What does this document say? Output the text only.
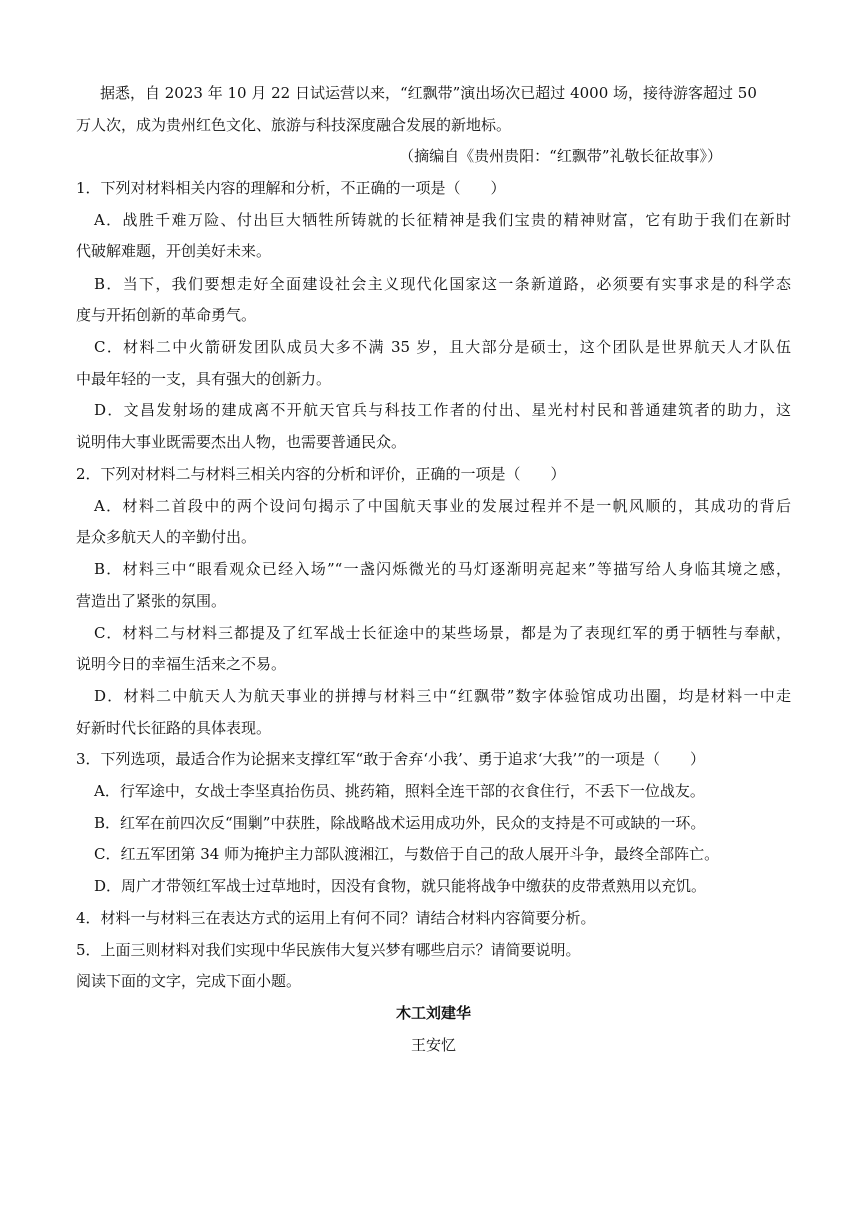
据悉，自 2023 年 10 月 22 日试运营以来，“红飘带”演出场次已超过 4000 场，接待游客超过 50
万人次，成为贵州红色文化、旅游与科技深度融合发展的新地标。
（摘编自《贵州贵阳：“红飘带”礼敬长征故事》）
1．下列对材料相关内容的理解和分析，不正确的一项是（　　）
A．战胜千难万险、付出巨大牺牲所铸就的长征精神是我们宝贵的精神财富，它有助于我们在新时
代破解难题，开创美好未来。
B．当下，我们要想走好全面建设社会主义现代化国家这一条新道路，必须要有实事求是的科学态
度与开拓创新的革命勇气。
C．材料二中火箭研发团队成员大多不满 35 岁，且大部分是硕士，这个团队是世界航天人才队伍
中最年轻的一支，具有强大的创新力。
D．文昌发射场的建成离不开航天官兵与科技工作者的付出、星光村村民和普通建筑者的助力，这
说明伟大事业既需要杰出人物，也需要普通民众。
2．下列对材料二与材料三相关内容的分析和评价，正确的一项是（　　）
A．材料二首段中的两个设问句揭示了中国航天事业的发展过程并不是一帆风顺的，其成功的背后
是众多航天人的辛勤付出。
B．材料三中“眼看观众已经入场”“一盏闪烁微光的马灯逐渐明亮起来”等描写给人身临其境之感，
营造出了紧张的氛围。
C．材料二与材料三都提及了红军战士长征途中的某些场景，都是为了表现红军的勇于牺牲与奉献，
说明今日的幸福生活来之不易。
D．材料二中航天人为航天事业的拼搏与材料三中“红飘带”数字体验馆成功出圈，均是材料一中走
好新时代长征路的具体表现。
3．下列选项，最适合作为论据来支撑红军“敢于舍弃‘小我’、勇于追求‘大我’”的一项是（　　）
A．行军途中，女战士李坚真抬伤员、挑药箱，照料全连干部的衣食住行，不丢下一位战友。
B．红军在前四次反“围剿”中获胜，除战略战术运用成功外，民众的支持是不可或缺的一环。
C．红五军团第 34 师为掩护主力部队渡湘江，与数倍于自己的敌人展开斗争，最终全部阵亡。
D．周广才带领红军战士过草地时，因没有食物，就只能将战争中缴获的皮带煮熟用以充饥。
4．材料一与材料三在表达方式的运用上有何不同？请结合材料内容简要分析。
5．上面三则材料对我们实现中华民族伟大复兴梦有哪些启示？请简要说明。
阅读下面的文字，完成下面小题。
木工刘建华
王安忆
